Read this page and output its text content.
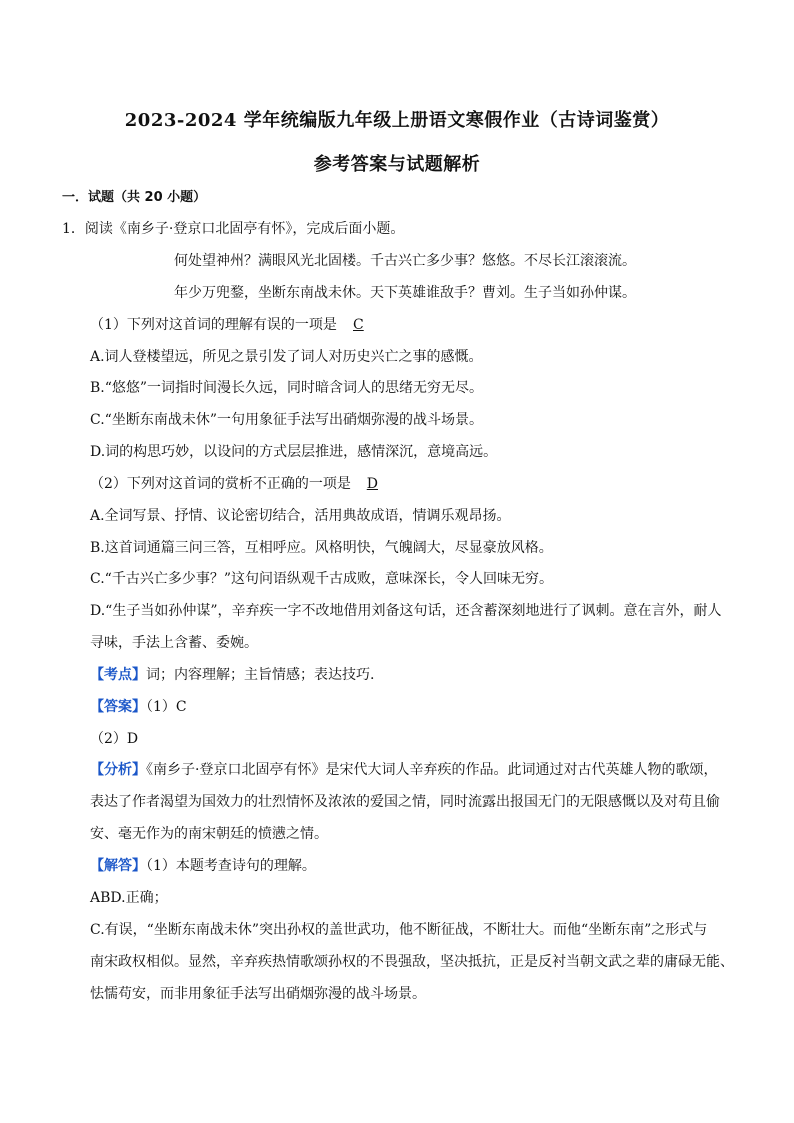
2023-2024 学年统编版九年级上册语文寒假作业（古诗词鉴赏）
参考答案与试题解析
一．试题（共 20 小题）
1．阅读《南乡子·登京口北固亭有怀》，完成后面小题。
何处望神州？满眼风光北固楼。千古兴亡多少事？悠悠。不尽长江滚滚流。
年少万兜鍪，坐断东南战未休。天下英雄谁敌手？曹刘。生子当如孙仲谋。
（1）下列对这首词的理解有误的一项是 C
A.词人登楼望远，所见之景引发了词人对历史兴亡之事的感慨。
B.“悠悠”一词指时间漫长久远，同时暗含词人的思绪无穷无尽。
C.“坐断东南战未休”一句用象征手法写出硝烟弥漫的战斗场景。
D.词的构思巧妙，以设问的方式层层推进，感情深沉，意境高远。
（2）下列对这首词的赏析不正确的一项是 D
A.全词写景、抒情、议论密切结合，活用典故成语，情调乐观昂扬。
B.这首词通篇三问三答，互相呼应。风格明快，气魄阔大，尽显豪放风格。
C.“千古兴亡多少事？”这句问语纵观千古成败，意味深长，令人回味无穷。
D.“生子当如孙仲谋”，辛弃疾一字不改地借用刘备这句话，还含蓄深刻地进行了讽刺。意在言外，耐人
寻味，手法上含蓄、委婉。
【考点】词；内容理解；主旨情感；表达技巧.
【答案】（1）C
（2）D
【分析】《南乡子·登京口北固亭有怀》是宋代大词人辛弃疾的作品。此词通过对古代英雄人物的歌颂，
表达了作者渴望为国效力的壮烈情怀及浓浓的爱国之情，同时流露出报国无门的无限感慨以及对苟且偷
安、毫无作为的南宋朝廷的愤懑之情。
【解答】（1）本题考查诗句的理解。
ABD.正确；
C.有误，“坐断东南战未休”突出孙权的盖世武功，他不断征战，不断壮大。而他“坐断东南”之形式与
南宋政权相似。显然，辛弃疾热情歌颂孙权的不畏强敌，坚决抵抗，正是反衬当朝文武之辈的庸碌无能、
怯懦苟安，而非用象征手法写出硝烟弥漫的战斗场景。
